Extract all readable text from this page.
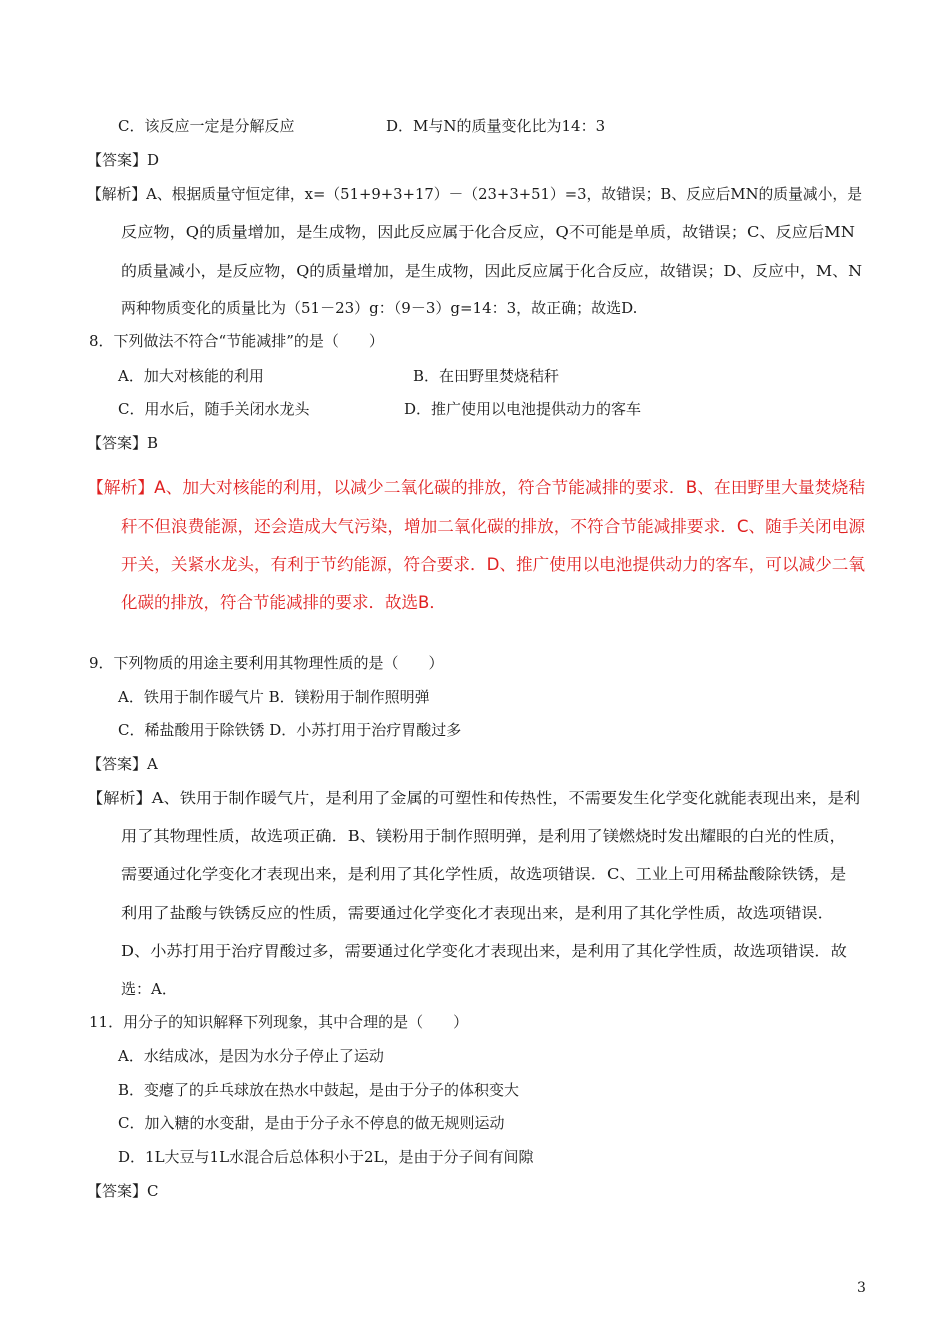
C．该反应一定是分解反应	D．M与N的质量变化比为14：3
【答案】D
【解析】A、根据质量守恒定律，x=（51+9+3+17）－（23+3+51）=3，故错误；B、反应后MN的质量减小，是
反应物，Q的质量增加，是生成物，因此反应属于化合反应，Q不可能是单质，故错误；C、反应后MN
的质量减小，是反应物，Q的质量增加，是生成物，因此反应属于化合反应，故错误；D、反应中，M、N
两种物质变化的质量比为（51－23）g：（9－3）g=14：3，故正确；故选D.
8．下列做法不符合“节能减排”的是（　　）
A．加大对核能的利用	B．在田野里焚烧秸秆
C．用水后，随手关闭水龙头	D．推广使用以电池提供动力的客车
【答案】B
【解析】A、加大对核能的利用，以减少二氧化碳的排放，符合节能减排的要求．B、在田野里大量焚烧秸
秆不但浪费能源，还会造成大气污染，增加二氧化碳的排放，不符合节能减排要求．C、随手关闭电源
开关，关紧水龙头，有利于节约能源，符合要求．D、推广使用以电池提供动力的客车，可以减少二氧
化碳的排放，符合节能减排的要求．故选B．
9．下列物质的用途主要利用其物理性质的是（　　）
A．铁用于制作暖气片 B．镁粉用于制作照明弹
C．稀盐酸用于除铁锈 D．小苏打用于治疗胃酸过多
【答案】A
【解析】A、铁用于制作暖气片，是利用了金属的可塑性和传热性，不需要发生化学变化就能表现出来，是利
用了其物理性质，故选项正确．B、镁粉用于制作照明弹，是利用了镁燃烧时发出耀眼的白光的性质，
需要通过化学变化才表现出来，是利用了其化学性质，故选项错误．C、工业上可用稀盐酸除铁锈，是
利用了盐酸与铁锈反应的性质，需要通过化学变化才表现出来，是利用了其化学性质，故选项错误．
D、小苏打用于治疗胃酸过多，需要通过化学变化才表现出来，是利用了其化学性质，故选项错误．故
选：A．
11．用分子的知识解释下列现象，其中合理的是（　　）
A．水结成冰，是因为水分子停止了运动
B．变瘪了的乒乓球放在热水中鼓起，是由于分子的体积变大
C．加入糖的水变甜，是由于分子永不停息的做无规则运动
D．1L大豆与1L水混合后总体积小于2L，是由于分子间有间隙
【答案】C
3
